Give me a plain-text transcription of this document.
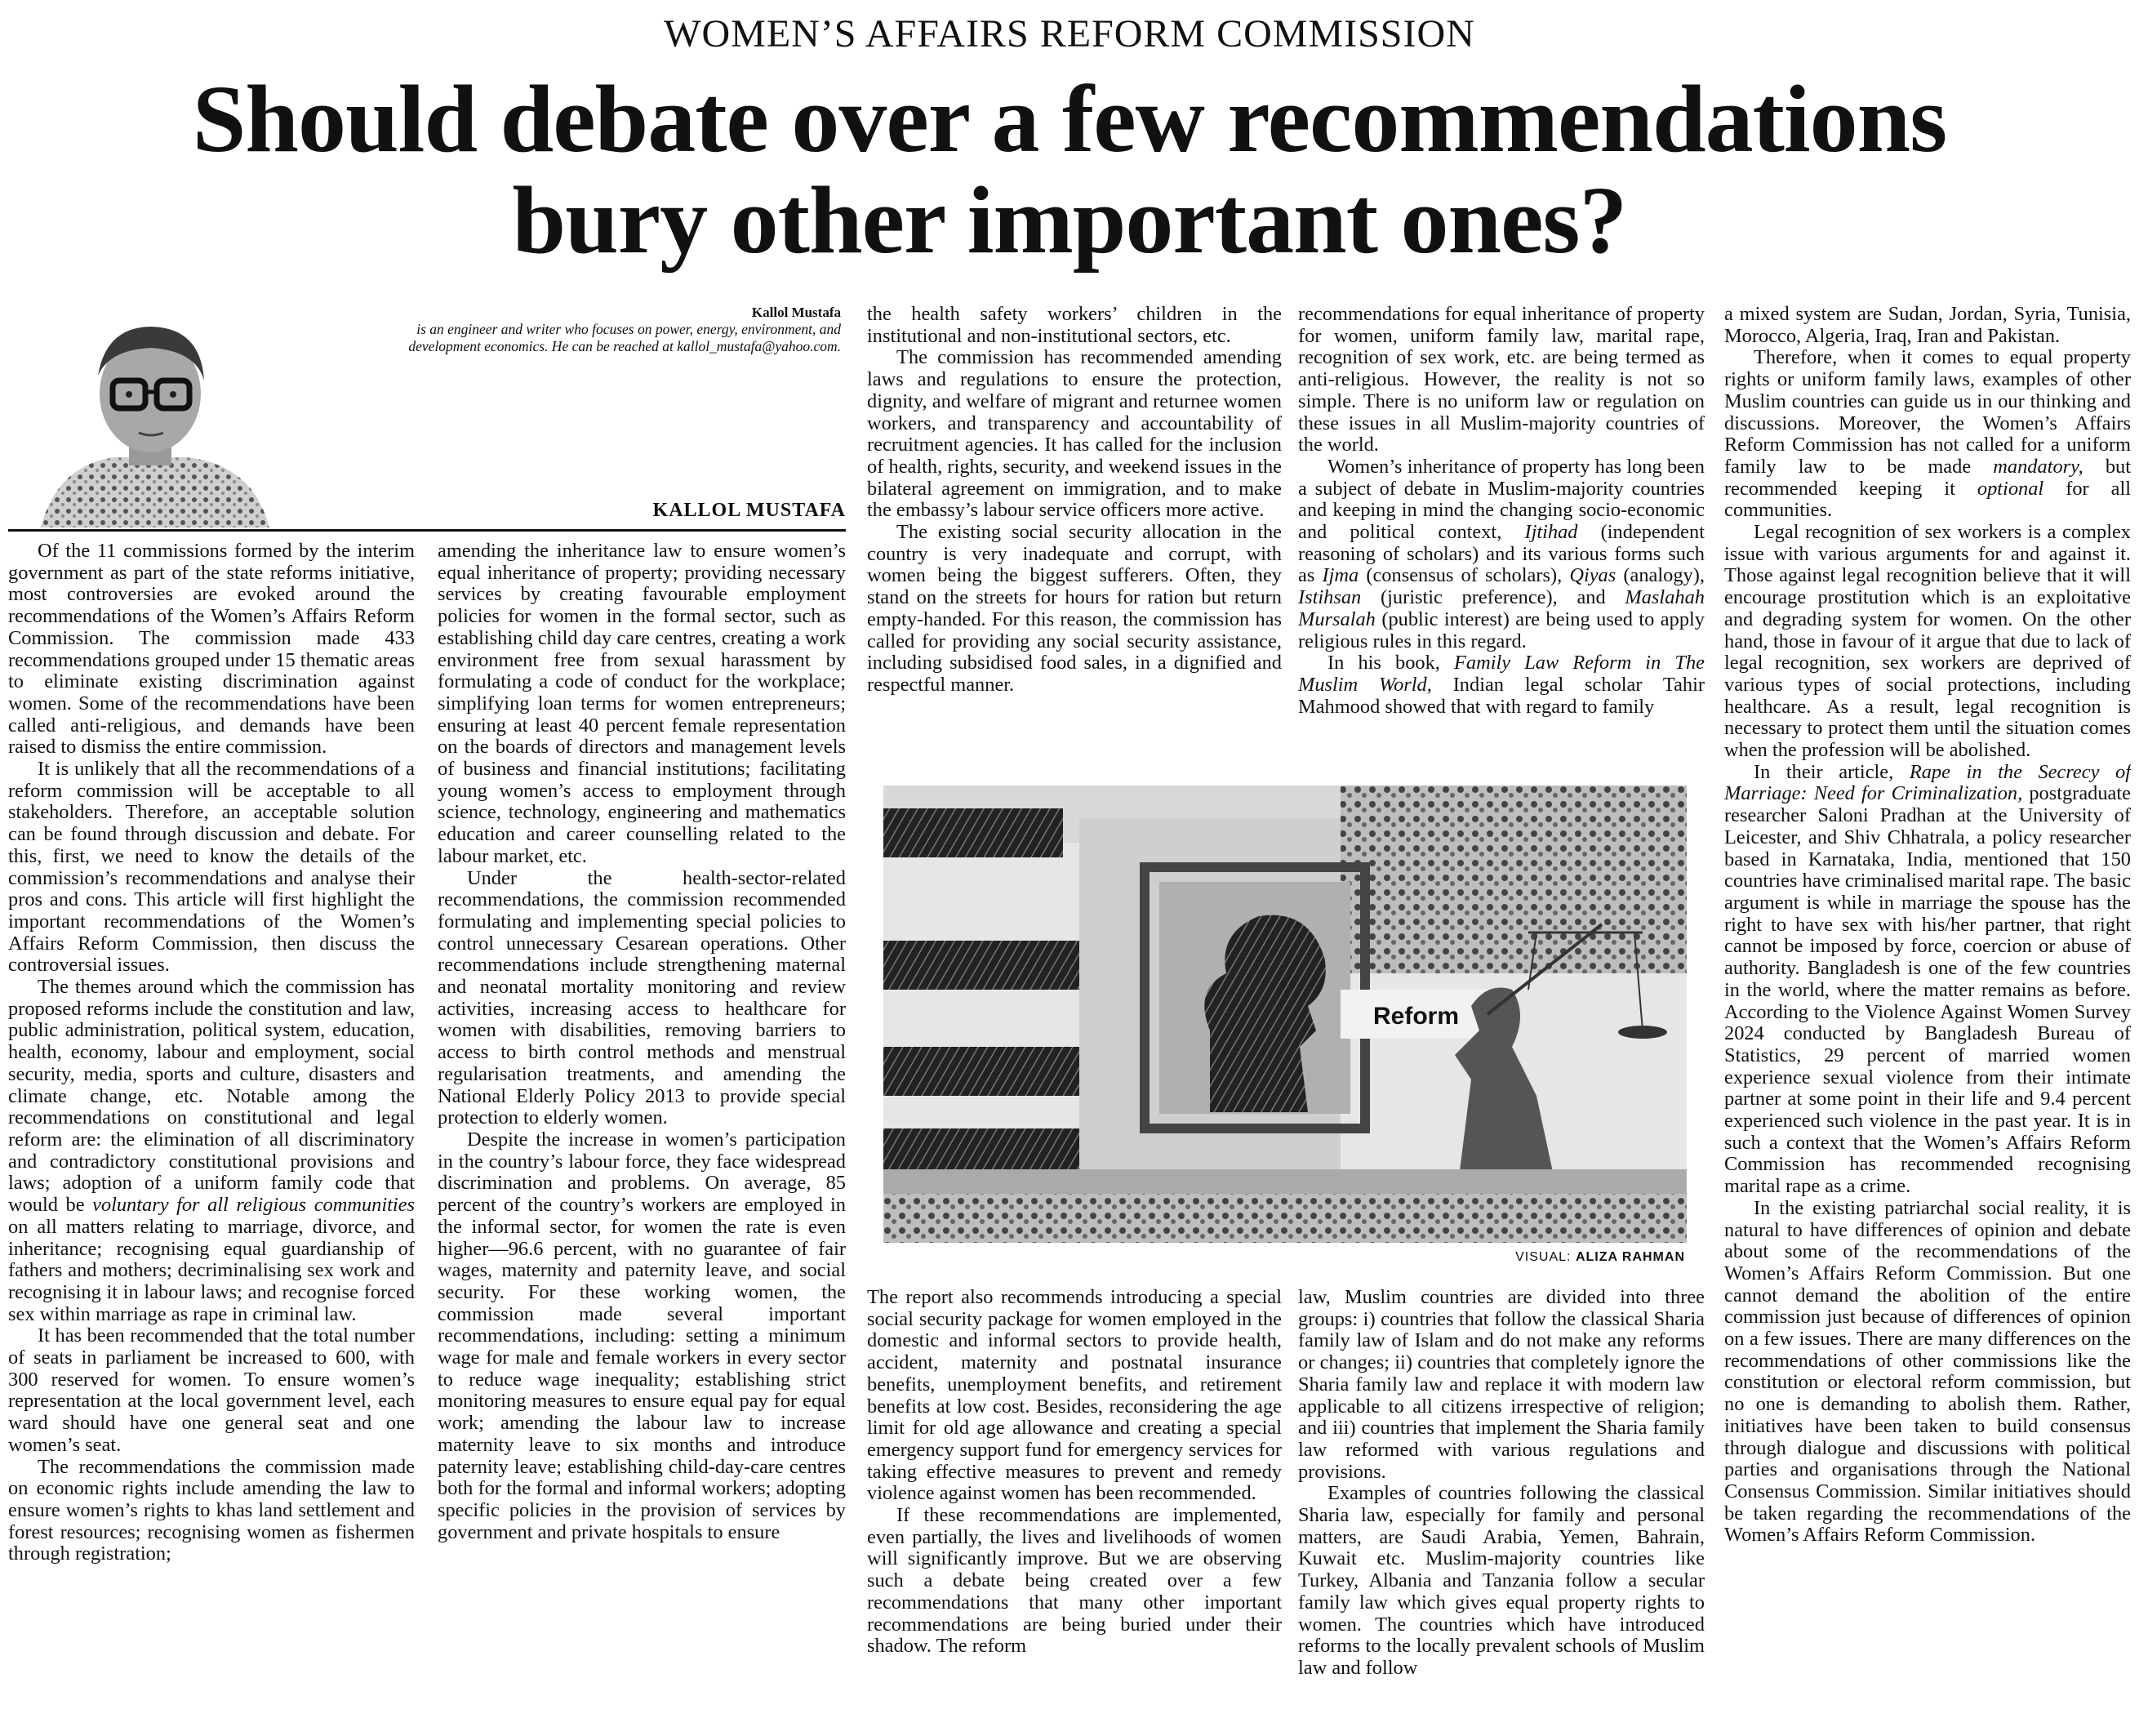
WOMEN’S AFFAIRS REFORM COMMISSION
Should debate over a few recommendations
bury other important ones?
Kallol Mustafa
is an engineer and writer who focuses on power, energy, environment, and development economics. He can be reached at kallol_mustafa@yahoo.com.
KALLOL MUSTAFA

Of the 11 commissions formed by the interim government as part of the state reforms initiative, most controversies are evoked around the recommendations of the Women’s Affairs Reform Commission. The commission made 433 recommendations grouped under 15 thematic areas to eliminate existing discrimination against women. Some of the recommendations have been called anti-religious, and demands have been raised to dismiss the entire commission.

It is unlikely that all the recommendations of a reform commission will be acceptable to all stakeholders. Therefore, an acceptable solution can be found through discussion and debate. For this, first, we need to know the details of the commission’s recommendations and analyse their pros and cons. This article will first highlight the important recommendations of the Women’s Affairs Reform Commission, then discuss the controversial issues.

The themes around which the commission has proposed reforms include the constitution and law, public administration, political system, education, health, economy, labour and employment, social security, media, sports and culture, disasters and climate change, etc. Notable among the recommendations on constitutional and legal reform are: the elimination of all discriminatory and contradictory constitutional provisions and laws; adoption of a uniform family code that would be voluntary for all religious communities on all matters relating to marriage, divorce, and inheritance; recognising equal guardianship of fathers and mothers; decriminalising sex work and recognising it in labour laws; and recognise forced sex within marriage as rape in criminal law.

It has been recommended that the total number of seats in parliament be increased to 600, with 300 reserved for women. To ensure women’s representation at the local government level, each ward should have one general seat and one women’s seat.

The recommendations the commission made on economic rights include amending the law to ensure women’s rights to khas land settlement and forest resources; recognising women as fishermen through registration;

amending the inheritance law to ensure women’s equal inheritance of property; providing necessary services by creating favourable employment policies for women in the formal sector, such as establishing child day care centres, creating a work environment free from sexual harassment by formulating a code of conduct for the workplace; simplifying loan terms for women entrepreneurs; ensuring at least 40 percent female representation on the boards of directors and management levels of business and financial institutions; facilitating young women’s access to employment through science, technology, engineering and mathematics education and career counselling related to the labour market, etc.

Under the health-sector-related recommendations, the commission recommended formulating and implementing special policies to control unnecessary Cesarean operations. Other recommendations include strengthening maternal and neonatal mortality monitoring and review activities, increasing access to healthcare for women with disabilities, removing barriers to access to birth control methods and menstrual regularisation treatments, and amending the National Elderly Policy 2013 to provide special protection to elderly women.

Despite the increase in women’s participation in the country’s labour force, they face widespread discrimination and problems. On average, 85 percent of the country’s workers are employed in the informal sector, for women the rate is even higher—96.6 percent, with no guarantee of fair wages, maternity and paternity leave, and social security. For these working women, the commission made several important recommendations, including: setting a minimum wage for male and female workers in every sector to reduce wage inequality; establishing strict monitoring measures to ensure equal pay for equal work; amending the labour law to increase maternity leave to six months and introduce paternity leave; establishing child-day-care centres both for the formal and informal workers; adopting specific policies in the provision of services by government and private hospitals to ensure

the health safety workers’ children in the institutional and non-institutional sectors, etc.

The commission has recommended amending laws and regulations to ensure the protection, dignity, and welfare of migrant and returnee women workers, and transparency and accountability of recruitment agencies. It has called for the inclusion of health, rights, security, and weekend issues in the bilateral agreement on immigration, and to make the embassy’s labour service officers more active.

The existing social security allocation in the country is very inadequate and corrupt, with women being the biggest sufferers. Often, they stand on the streets for hours for ration but return empty-handed. For this reason, the commission has called for providing any social security assistance, including subsidised food sales, in a dignified and respectful manner.

recommendations for equal inheritance of property for women, uniform family law, marital rape, recognition of sex work, etc. are being termed as anti-religious. However, the reality is not so simple. There is no uniform law or regulation on these issues in all Muslim-majority countries of the world.

Women’s inheritance of property has long been a subject of debate in Muslim-majority countries and keeping in mind the changing socio-economic and political context, Ijtihad (independent reasoning of scholars) and its various forms such as Ijma (consensus of scholars), Qiyas (analogy), Istihsan (juristic preference), and Maslahah Mursalah (public interest) are being used to apply religious rules in this regard.

In his book, Family Law Reform in The Muslim World, Indian legal scholar Tahir Mahmood showed that with regard to family

a mixed system are Sudan, Jordan, Syria, Tunisia, Morocco, Algeria, Iraq, Iran and Pakistan.

Therefore, when it comes to equal property rights or uniform family laws, examples of other Muslim countries can guide us in our thinking and discussions. Moreover, the Women’s Affairs Reform Commission has not called for a uniform family law to be made mandatory, but recommended keeping it optional for all communities.

Legal recognition of sex workers is a complex issue with various arguments for and against it. Those against legal recognition believe that it will encourage prostitution which is an exploitative and degrading system for women. On the other hand, those in favour of it argue that due to lack of legal recognition, sex workers are deprived of various types of social protections, including healthcare. As a result, legal recognition is necessary to protect them until the situation comes when the profession will be abolished.

In their article, Rape in the Secrecy of Marriage: Need for Criminalization, postgraduate researcher Saloni Pradhan at the University of Leicester, and Shiv Chhatrala, a policy researcher based in Karnataka, India, mentioned that 150 countries have criminalised marital rape. The basic argument is while in marriage the spouse has the right to have sex with his/her partner, that right cannot be imposed by force, coercion or abuse of authority. Bangladesh is one of the few countries in the world, where the matter remains as before. According to the Violence Against Women Survey 2024 conducted by Bangladesh Bureau of Statistics, 29 percent of married women experience sexual violence from their intimate partner at some point in their life and 9.4 percent experienced such violence in the past year. It is in such a context that the Women’s Affairs Reform Commission has recommended recognising marital rape as a crime.

In the existing patriarchal social reality, it is natural to have differences of opinion and debate about some of the recommendations of the Women’s Affairs Reform Commission. But one cannot demand the abolition of the entire commission just because of differences of opinion on a few issues. There are many differences on the recommendations of other commissions like the constitution or electoral reform commission, but no one is demanding to abolish them. Rather, initiatives have been taken to build consensus through dialogue and discussions with political parties and organisations through the National Consensus Commission. Similar initiatives should be taken regarding the recommendations of the Women’s Affairs Reform Commission.

Reform
VISUAL: ALIZA RAHMAN

The report also recommends introducing a special social security package for women employed in the domestic and informal sectors to provide health, accident, maternity and postnatal insurance benefits, unemployment benefits, and retirement benefits at low cost. Besides, reconsidering the age limit for old age allowance and creating a special emergency support fund for emergency services for taking effective measures to prevent and remedy violence against women has been recommended.

If these recommendations are implemented, even partially, the lives and livelihoods of women will significantly improve. But we are observing such a debate being created over a few recommendations that many other important recommendations are being buried under their shadow. The reform

law, Muslim countries are divided into three groups: i) countries that follow the classical Sharia family law of Islam and do not make any reforms or changes; ii) countries that completely ignore the Sharia family law and replace it with modern law applicable to all citizens irrespective of religion; and iii) countries that implement the Sharia family law reformed with various regulations and provisions.

Examples of countries following the classical Sharia law, especially for family and personal matters, are Saudi Arabia, Yemen, Bahrain, Kuwait etc. Muslim-majority countries like Turkey, Albania and Tanzania follow a secular family law which gives equal property rights to women. The countries which have introduced reforms to the locally prevalent schools of Muslim law and follow
